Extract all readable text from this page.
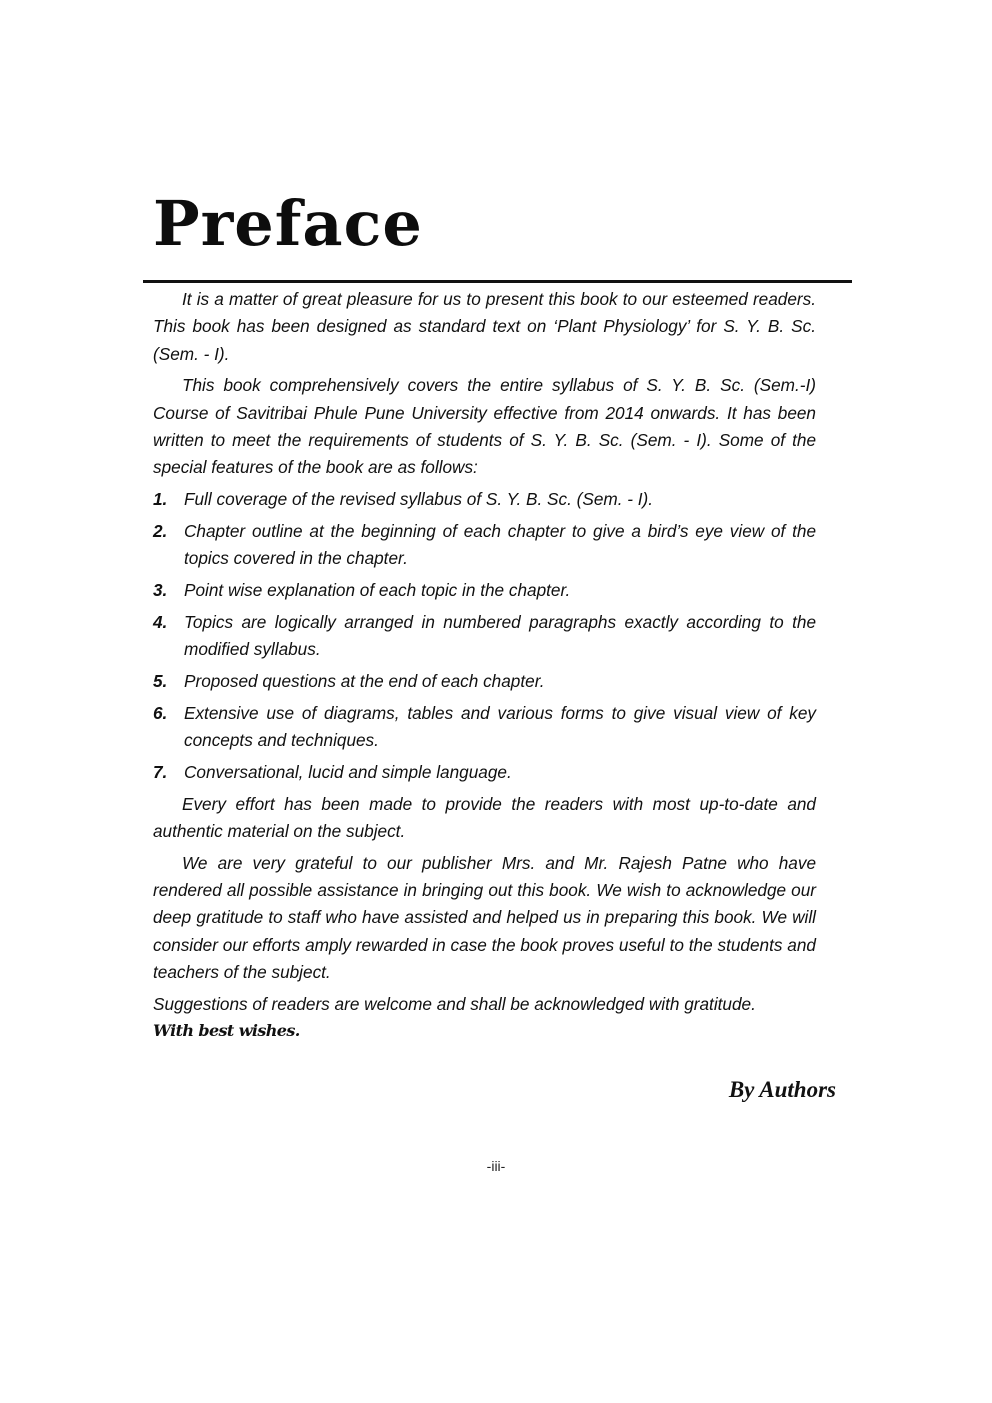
Preface

It is a matter of great pleasure for us to present this book to our esteemed readers. This book has been designed as standard text on ‘Plant Physiology’ for S. Y. B. Sc. (Sem. - I).

This book comprehensively covers the entire syllabus of S. Y. B. Sc. (Sem.-I) Course of Savitribai Phule Pune University effective from 2014 onwards. It has been written to meet the requirements of students of S. Y. B. Sc. (Sem. - I). Some of the special features of the book are as follows:

1. Full coverage of the revised syllabus of S. Y. B. Sc. (Sem. - I).
2. Chapter outline at the beginning of each chapter to give a bird’s eye view of the topics covered in the chapter.
3. Point wise explanation of each topic in the chapter.
4. Topics are logically arranged in numbered paragraphs exactly according to the modified syllabus.
5. Proposed questions at the end of each chapter.
6. Extensive use of diagrams, tables and various forms to give visual view of key concepts and techniques.
7. Conversational, lucid and simple language.

Every effort has been made to provide the readers with most up-to-date and authentic material on the subject.

We are very grateful to our publisher Mrs. and Mr. Rajesh Patne who have rendered all possible assistance in bringing out this book. We wish to acknowledge our deep gratitude to staff who have assisted and helped us in preparing this book. We will consider our efforts amply rewarded in case the book proves useful to the students and teachers of the subject.

Suggestions of readers are welcome and shall be acknowledged with gratitude.

With best wishes.

By Authors
-iii-
